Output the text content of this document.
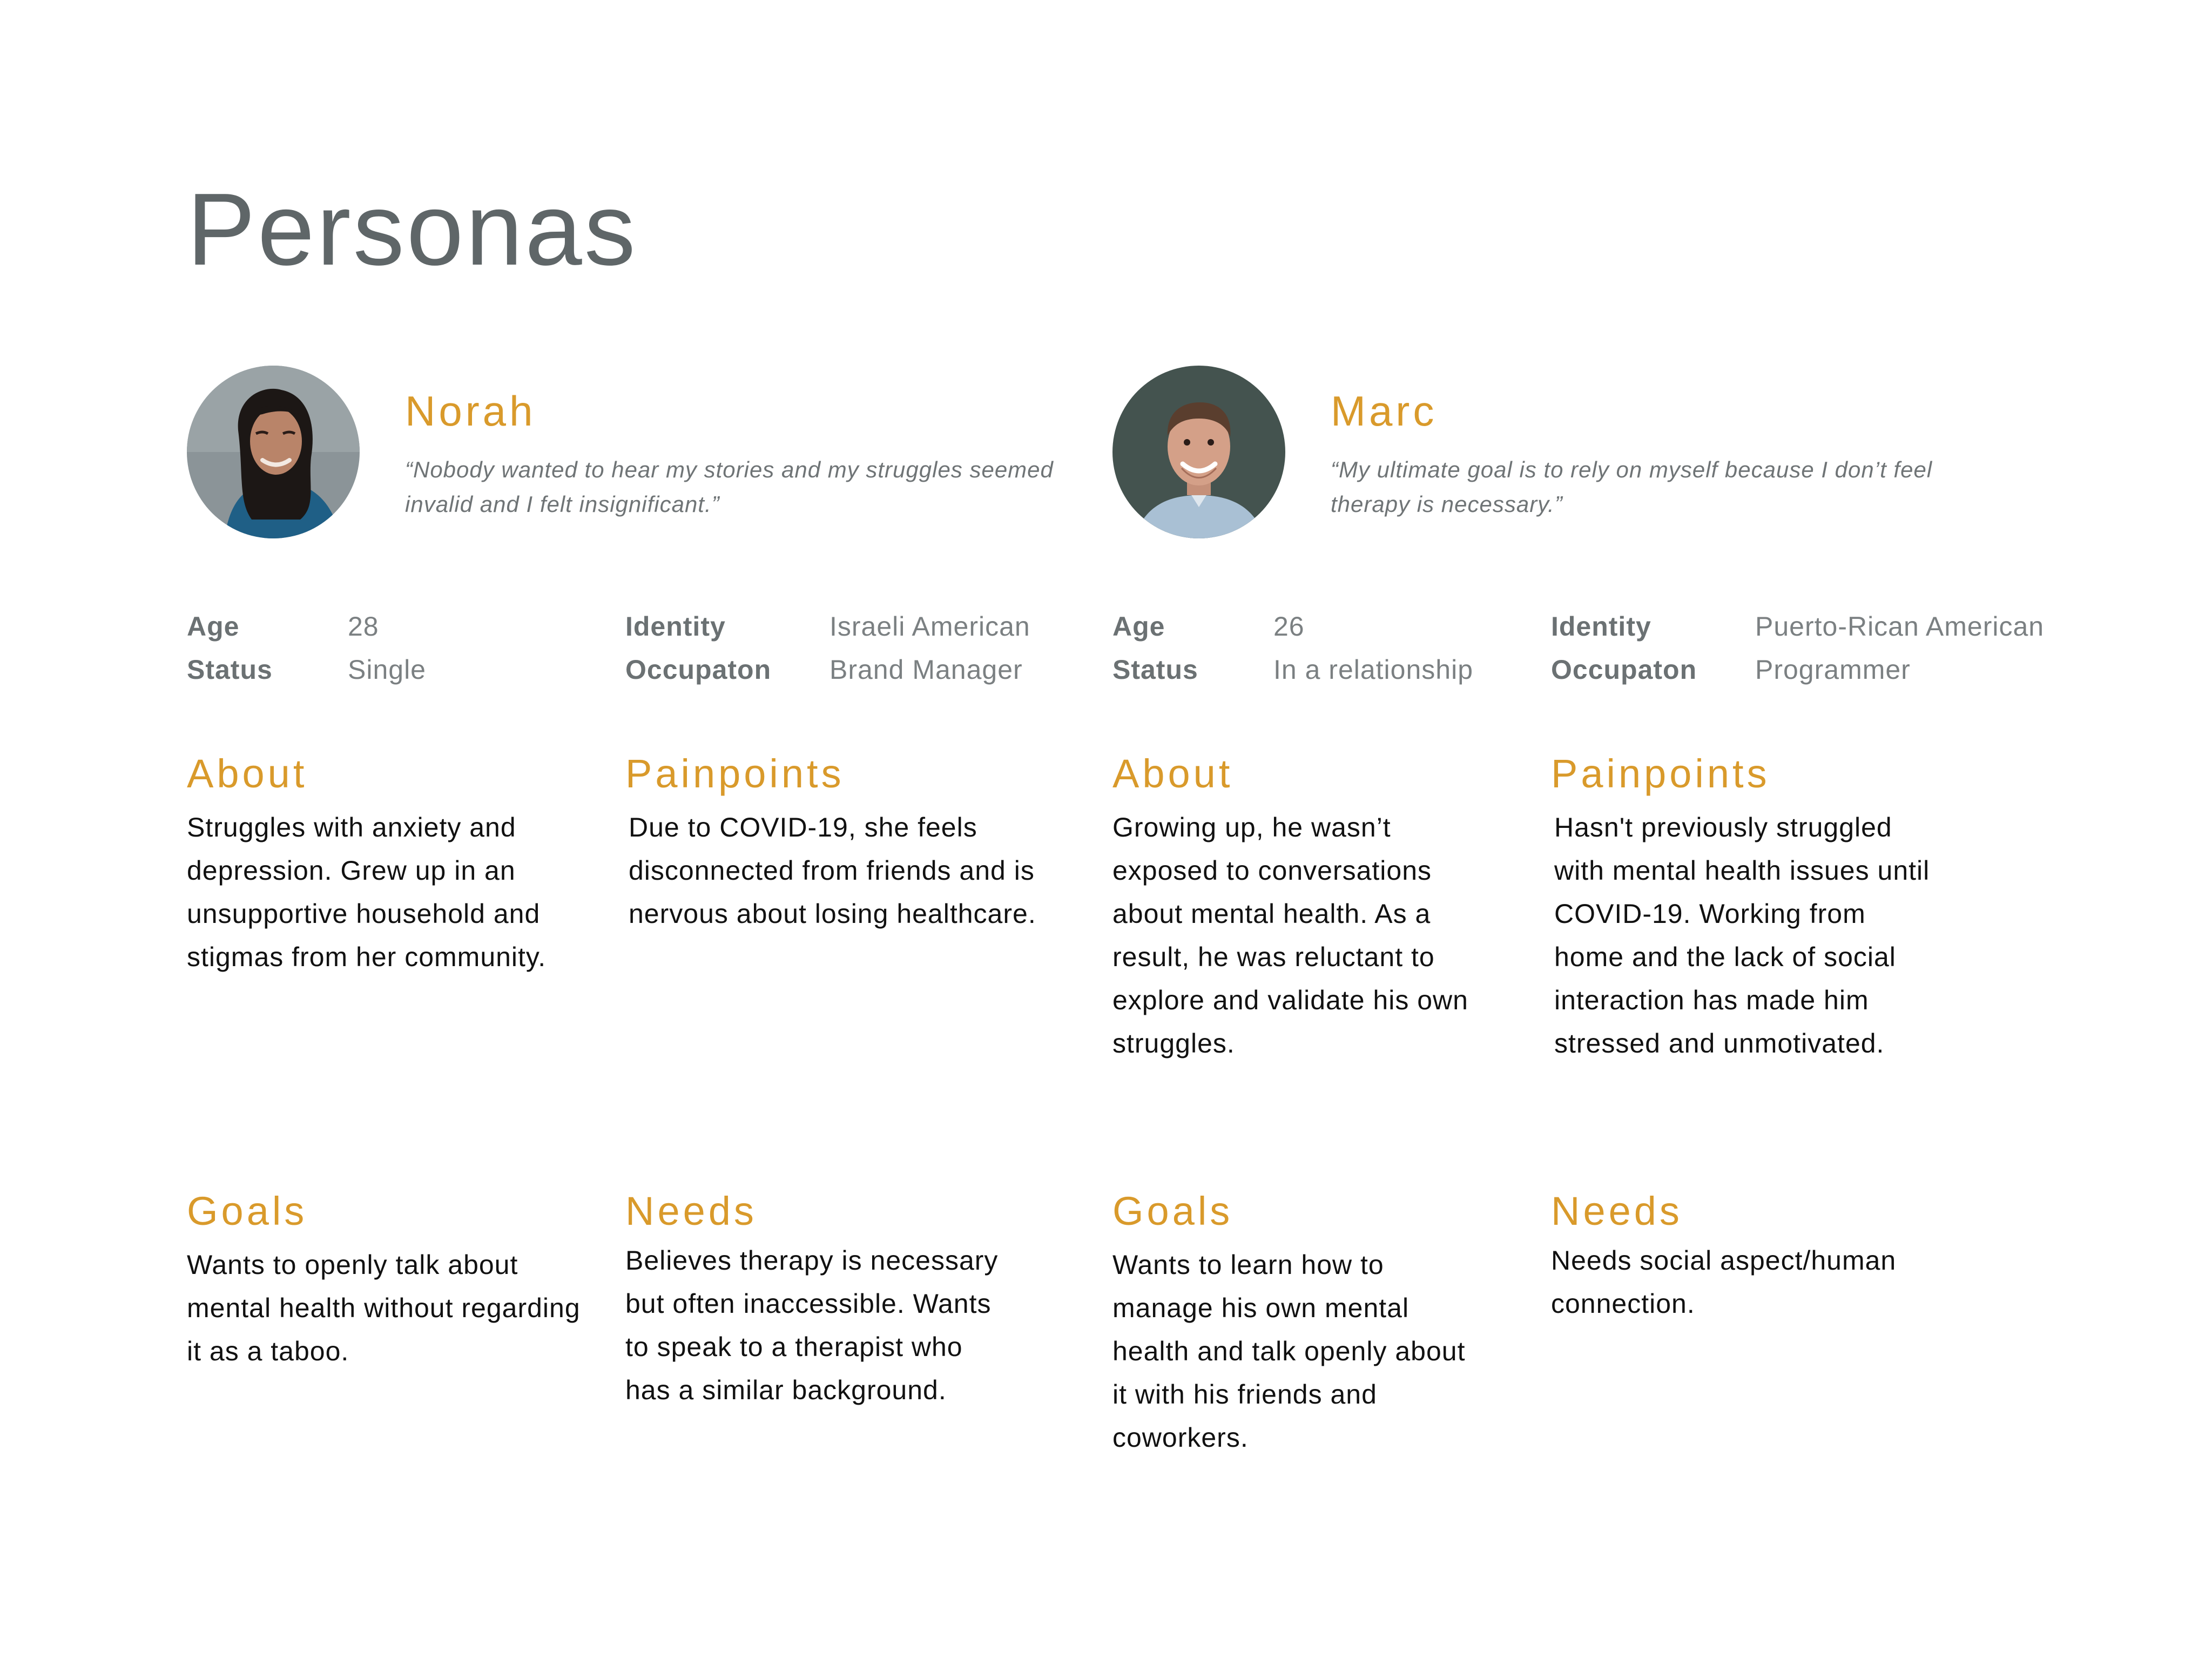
Personas
Norah
“Nobody wanted to hear my stories and my struggles seemed invalid and I felt insignificant.”
Age	28
Status	Single
Identity	Israeli American
Occupaton	Brand Manager
About
Struggles with anxiety and depression. Grew up in an unsupportive household and stigmas from her community.
Painpoints
Due to COVID-19, she feels disconnected from friends and is nervous about losing healthcare.
Goals
Wants to openly talk about mental health without regarding it as a taboo.
Needs
Believes therapy is necessary but often inaccessible. Wants to speak to a therapist who has a similar background.
Marc
“My ultimate goal is to rely on myself because I don’t feel therapy is necessary.”
Age	26
Status	In a relationship
Identity	Puerto-Rican American
Occupaton	Programmer
About
Growing up, he wasn’t exposed to conversations about mental health. As a result, he was reluctant to explore and validate his own struggles.
Painpoints
Hasn't previously struggled with mental health issues until COVID-19. Working from home and the lack of social interaction has made him stressed and unmotivated.
Goals
Wants to learn how to manage his own mental health and talk openly about it with his friends and coworkers.
Needs
Needs social aspect/human connection.
